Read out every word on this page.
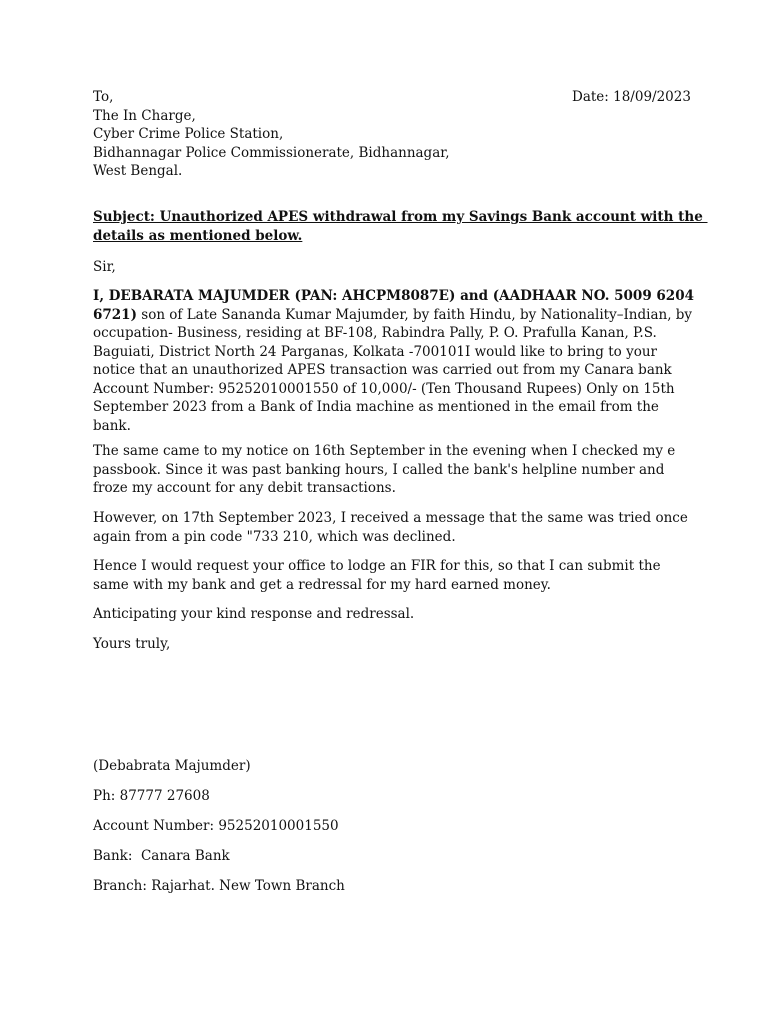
Date: 18/09/2023
To,
The In Charge,
Cyber Crime Police Station,
Bidhannagar Police Commissionerate, Bidhannagar,
West Bengal.
Subject: Unauthorized APES withdrawal from my Savings Bank account with the
details as mentioned below.
Sir,
I, DEBARATA MAJUMDER (PAN: AHCPM8087E) and (AADHAAR NO. 5009 6204
6721) son of Late Sananda Kumar Majumder, by faith Hindu, by Nationality–Indian, by
occupation- Business, residing at BF-108, Rabindra Pally, P. O. Prafulla Kanan, P.S.
Baguiati, District North 24 Parganas, Kolkata -700101I would like to bring to your
notice that an unauthorized APES transaction was carried out from my Canara bank
Account Number: 95252010001550 of 10,000/- (Ten Thousand Rupees) Only on 15th
September 2023 from a Bank of India machine as mentioned in the email from the
bank.
The same came to my notice on 16th September in the evening when I checked my e
passbook. Since it was past banking hours, I called the bank's helpline number and
froze my account for any debit transactions.
However, on 17th September 2023, I received a message that the same was tried once
again from a pin code "733 210, which was declined.
Hence I would request your office to lodge an FIR for this, so that I can submit the
same with my bank and get a redressal for my hard earned money.
Anticipating your kind response and redressal.
Yours truly,
(Debabrata Majumder)
Ph: 87777 27608
Account Number: 95252010001550
Bank:  Canara Bank
Branch: Rajarhat. New Town Branch
